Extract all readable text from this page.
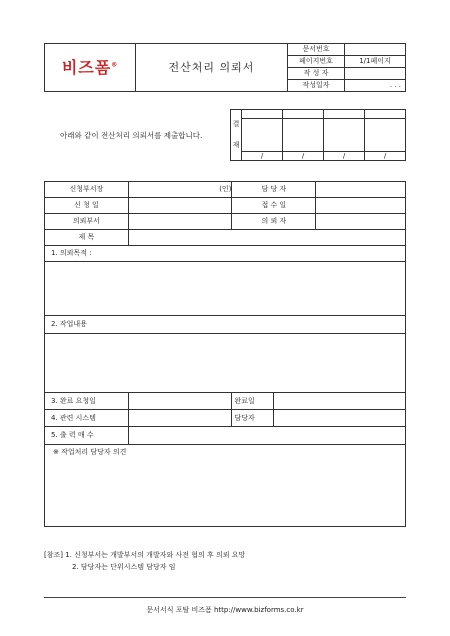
비즈폼®	전산처리 의뢰서	문서번호	
		페이지번호	1/1페이지
		작 성 자	
		작성일자	. . .
아래와 같이 전산처리 의뢰서를 제출합니다.
결
재				

	/	/	/	/
신청부서장	(인)	담 당 자	
신 청 일		접 수 일	
의뢰부서		의 뢰 자	
제 목			
1. 의뢰목적 :			

2. 작업내용			

3. 완료 요청일		완료일	

4. 관련 시스템		담당자	

5. 출 력 매 수			
※ 작업처리 담당자 의견			
[참조] 1. 신청부서는 개발부서의 개발자와 사전 협의 후 의뢰 요망
2. 담당자는 단위시스템 담당자 임
문서서식 포탈 비즈폼 http://www.bizforms.co.kr
